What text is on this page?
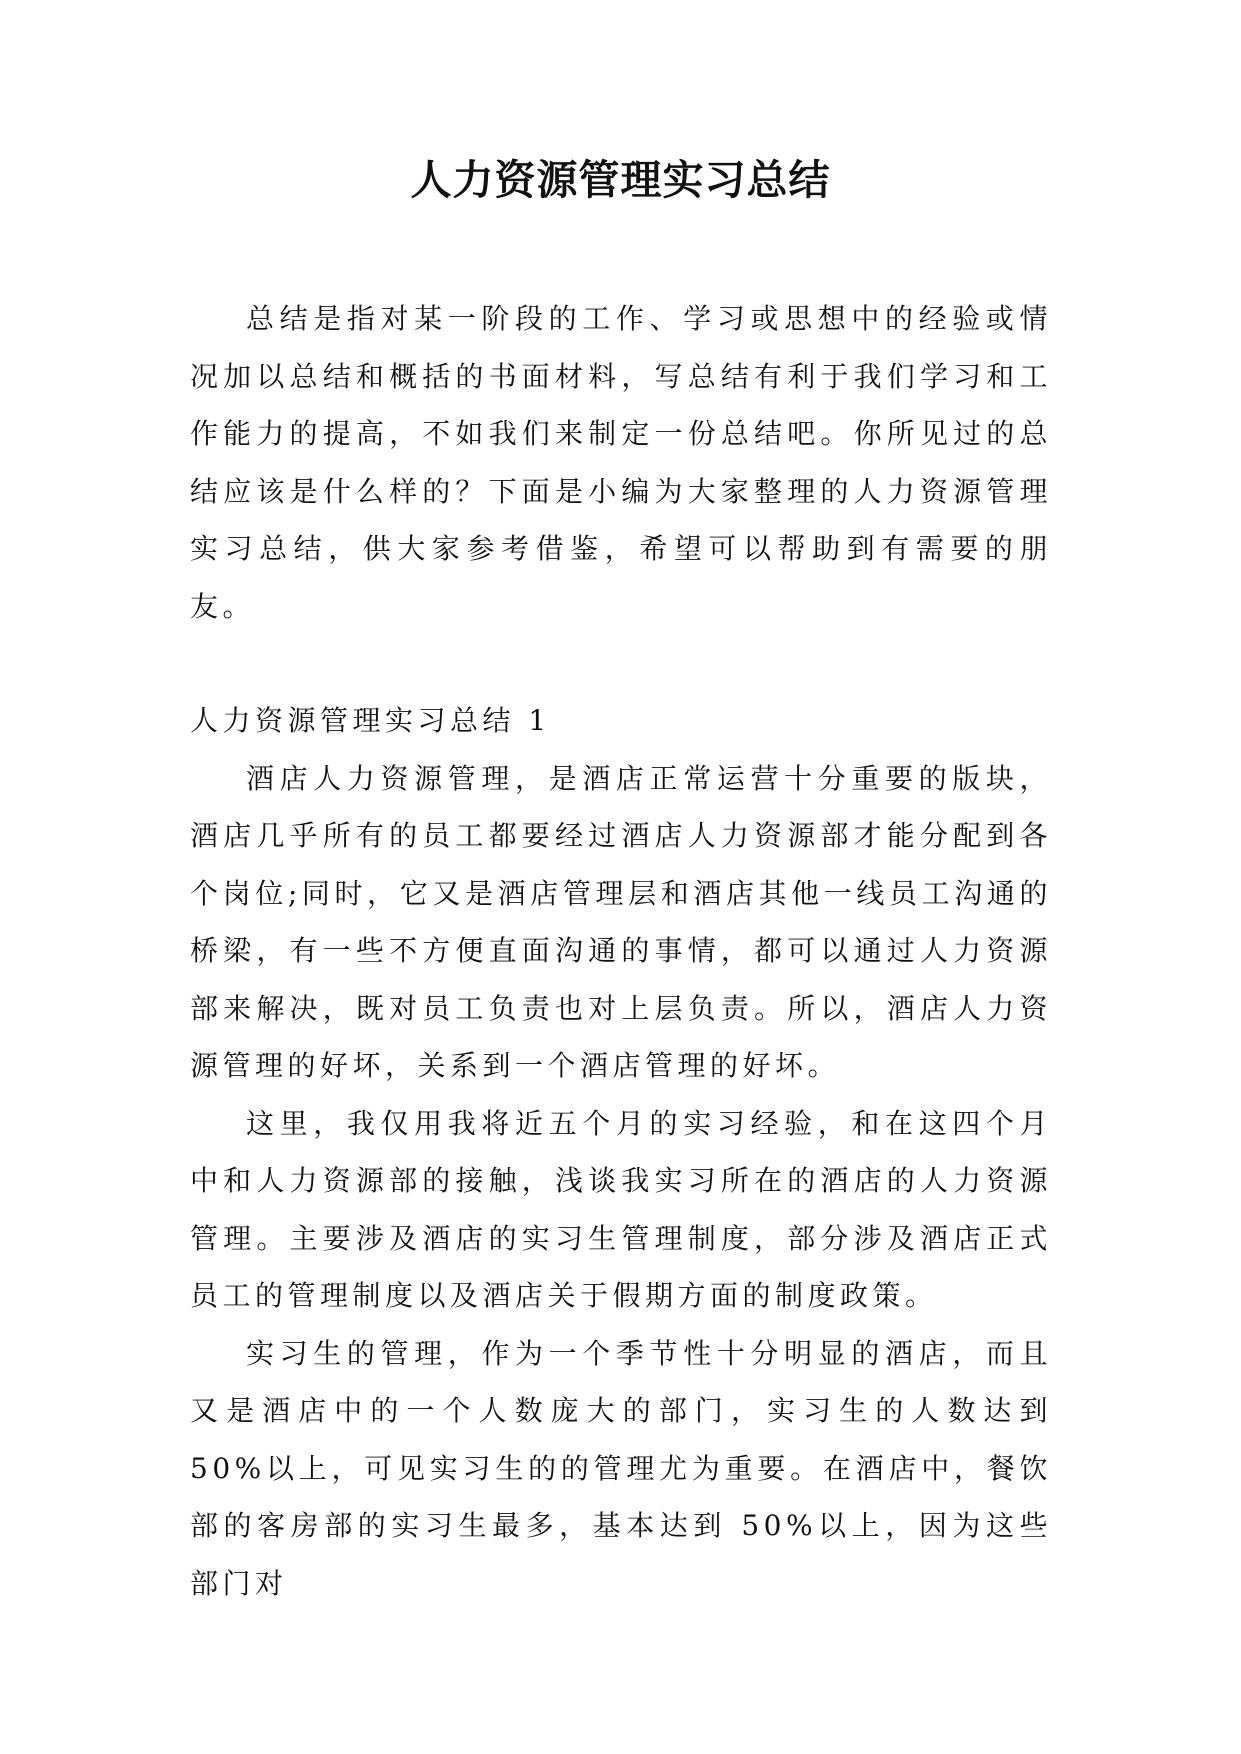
人力资源管理实习总结

总结是指对某一阶段的工作、学习或思想中的经验或情况加以总结和概括的书面材料，写总结有利于我们学习和工作能力的提高，不如我们来制定一份总结吧。你所见过的总结应该是什么样的？下面是小编为大家整理的人力资源管理实习总结，供大家参考借鉴，希望可以帮助到有需要的朋友。

人力资源管理实习总结 1

酒店人力资源管理，是酒店正常运营十分重要的版块，酒店几乎所有的员工都要经过酒店人力资源部才能分配到各个岗位;同时，它又是酒店管理层和酒店其他一线员工沟通的桥梁，有一些不方便直面沟通的事情，都可以通过人力资源部来解决，既对员工负责也对上层负责。所以，酒店人力资源管理的好坏，关系到一个酒店管理的好坏。

这里，我仅用我将近五个月的实习经验，和在这四个月中和人力资源部的接触，浅谈我实习所在的酒店的人力资源管理。主要涉及酒店的实习生管理制度，部分涉及酒店正式员工的管理制度以及酒店关于假期方面的制度政策。

实习生的管理，作为一个季节性十分明显的酒店，而且又是酒店中的一个人数庞大的部门，实习生的人数达到 50%以上，可见实习生的的管理尤为重要。在酒店中，餐饮部的客房部的实习生最多，基本达到 50%以上，因为这些部门对
